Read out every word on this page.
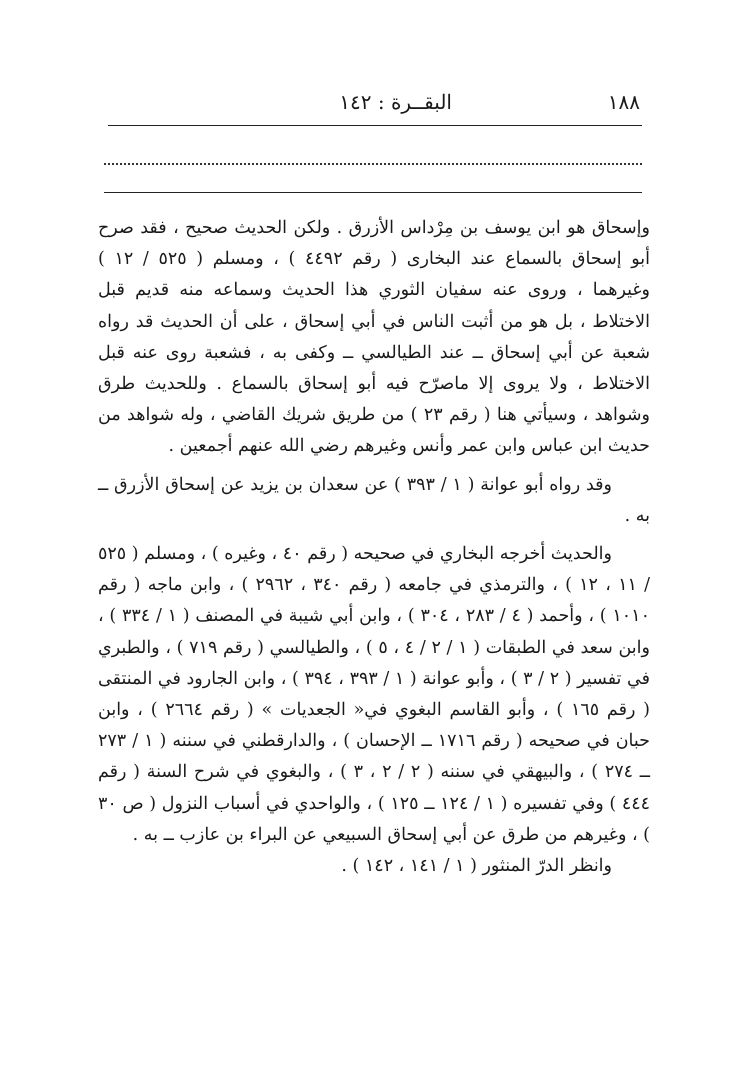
١٨٨
البقــرة : ١٤٢

وإسحاق هو ابن يوسف بن مِرْداس الأزرق . ولكن الحديث صحيح ، فقد صرح أبو إسحاق بالسماع عند البخارى ( رقم ٤٤٩٢ ) ، ومسلم ( ٥٢٥ / ١٢ ) وغيرهما ، وروى عنه سفيان الثوري هذا الحديث وسماعه منه قديم قبل الاختلاط ، بل هو من أثبت الناس في أبي إسحاق ، على أن الحديث قد رواه شعبة عن أبي إسحاق ــ عند الطيالسي ــ وكفى به ، فشعبة روى عنه قبل الاختلاط ، ولا يروى إلا ماصرّح فيه أبو إسحاق بالسماع . وللحديث طرق وشواهد ، وسيأتي هنا ( رقم ٢٣ ) من طريق شريك القاضي ، وله شواهد من حديث ابن عباس وابن عمر وأنس وغيرهم رضي الله عنهم أجمعين .

وقد رواه أبو عوانة ( ١ / ٣٩٣ ) عن سعدان بن يزيد عن إسحاق الأزرق ــ به .

والحديث أخرجه البخاري في صحيحه ( رقم ٤٠ ، وغيره ) ، ومسلم ( ٥٢٥ / ١١ ، ١٢ ) ، والترمذي في جامعه ( رقم ٣٤٠ ، ٢٩٦٢ ) ، وابن ماجه ( رقم ١٠١٠ ) ، وأحمد ( ٤ / ٢٨٣ ، ٣٠٤ ) ، وابن أبي شيبة في المصنف ( ١ / ٣٣٤ ) ، وابن سعد في الطبقات ( ١ / ٢ / ٤ ، ٥ ) ، والطيالسي ( رقم ٧١٩ ) ، والطبري في تفسير ( ٢ / ٣ ) ، وأبو عوانة ( ١ / ٣٩٣ ، ٣٩٤ ) ، وابن الجارود في المنتقى ( رقم ١٦٥ ) ، وأبو القاسم البغوي في« الجعديات » ( رقم ٢٦٦٤ ) ، وابن حبان في صحيحه ( رقم ١٧١٦ ــ الإحسان ) ، والدارقطني في سننه ( ١ / ٢٧٣ ــ ٢٧٤ ) ، والبيهقي في سننه ( ٢ / ٢ ، ٣ ) ، والبغوي في شرح السنة ( رقم ٤٤٤ ) وفي تفسيره ( ١ / ١٢٤ ــ ١٢٥ ) ، والواحدي في أسباب النزول ( ص ٣٠ ) ، وغيرهم من طرق عن أبي إسحاق السبيعي عن البراء بن عازب ــ به .

وانظر الدرّ المنثور ( ١ / ١٤١ ، ١٤٢ ) .
